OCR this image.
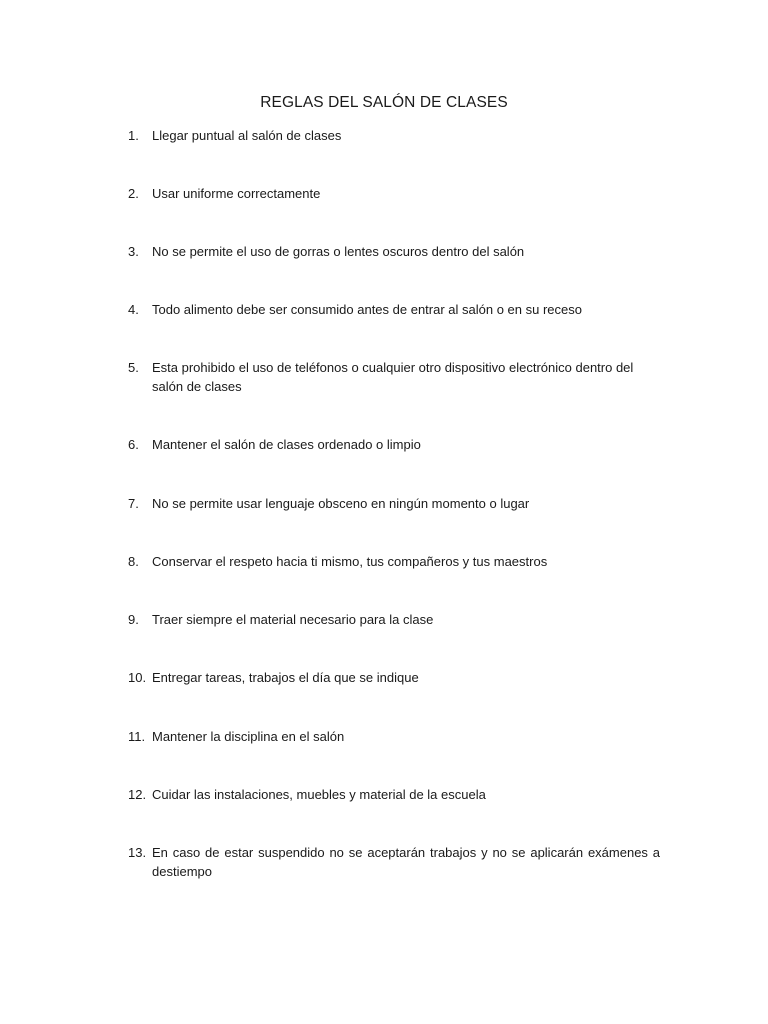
REGLAS DEL SALÓN DE CLASES
1.	Llegar puntual al salón de clases
2.	Usar uniforme correctamente
3.	No se permite el uso de gorras o lentes oscuros dentro del salón
4.	Todo alimento debe ser consumido antes de entrar al salón o en su receso
5.	Esta prohibido el uso de teléfonos o cualquier otro dispositivo electrónico dentro del salón de clases
6.	Mantener el salón de clases ordenado o limpio
7.	No se permite usar lenguaje obsceno en ningún momento o lugar
8.	Conservar el respeto hacia ti mismo, tus compañeros y tus maestros
9.	Traer siempre el material necesario para la clase
10. Entregar tareas, trabajos el día que se indique
11. Mantener la disciplina en el salón
12. Cuidar las instalaciones, muebles y material de la escuela
13. En caso de estar suspendido no se aceptarán trabajos y no se aplicarán exámenes a destiempo
